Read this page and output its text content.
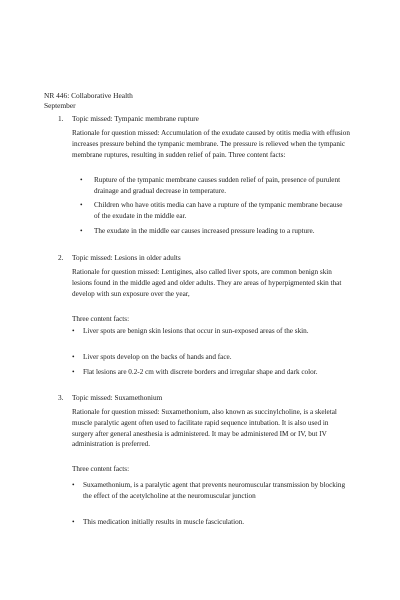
NR 446: Collaborative Health
September
1. Topic missed: Tympanic membrane rupture
Rationale for question missed: Accumulation of the exudate caused by otitis media with effusion increases pressure behind the tympanic membrane. The pressure is relieved when the tympanic membrane ruptures, resulting in sudden relief of pain. Three content facts:
• Rupture of the tympanic membrane causes sudden relief of pain, presence of purulent drainage and gradual decrease in temperature.
• Children who have otitis media can have a rupture of the tympanic membrane because of the exudate in the middle ear.
• The exudate in the middle ear causes increased pressure leading to a rupture.
2. Topic missed: Lesions in older adults
Rationale for question missed: Lentigines, also called liver spots, are common benign skin lesions found in the middle aged and older adults. They are areas of hyperpigmented skin that develop with sun exposure over the year,
Three content facts:
• Liver spots are benign skin lesions that occur in sun-exposed areas of the skin.
• Liver spots develop on the backs of hands and face.
• Flat lesions are 0.2-2 cm with discrete borders and irregular shape and dark color.
3. Topic missed: Suxamethonium
Rationale for question missed: Suxamethonium, also known as succinylcholine, is a skeletal muscle paralytic agent often used to facilitate rapid sequence intubation. It is also used in surgery after general anesthesia is administered. It may be administered IM or IV, but IV administration is preferred.
Three content facts:
• Suxamethonium, is a paralytic agent that prevents neuromuscular transmission by blocking the effect of the acetylcholine at the neuromuscular junction
• This medication initially results in muscle fasciculation.
